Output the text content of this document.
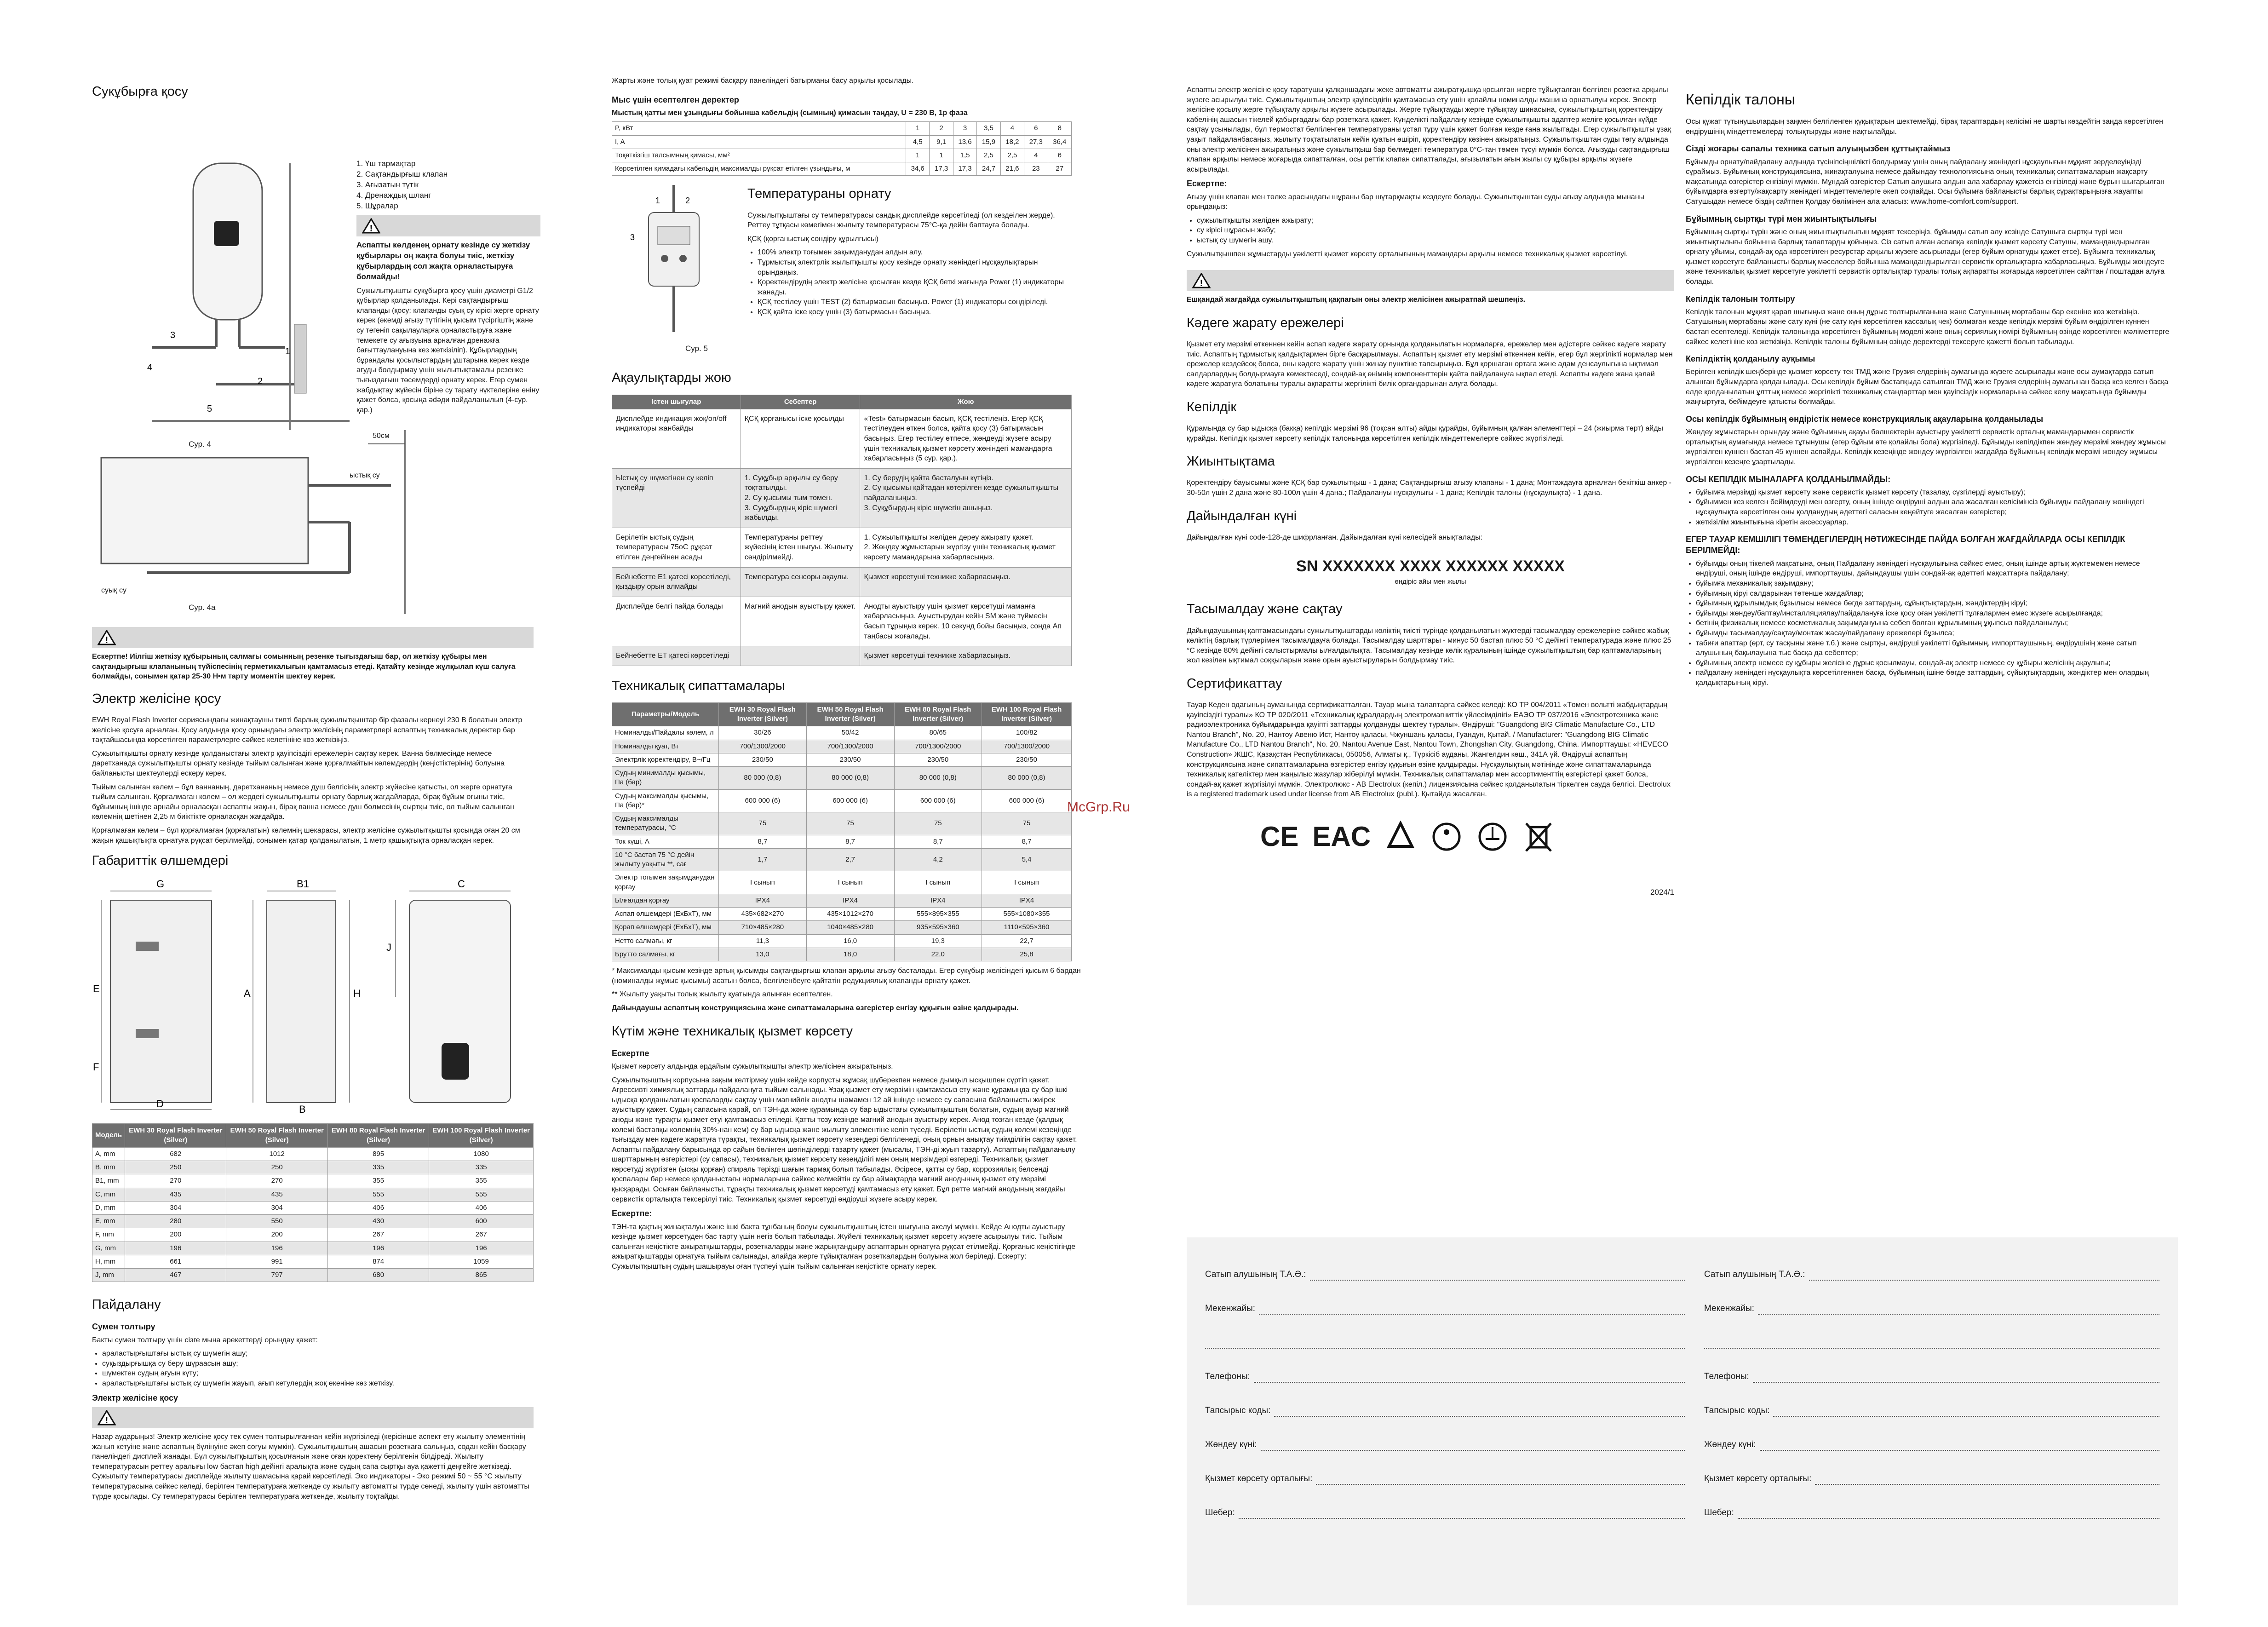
Сукұбырға қосу
1
3
4
5
2
Сур. 4
1. Үш тармақтар
2. Сақтандырғыш клапан
3. Ағызатын түтік
4. Дренаждық шланг
5. Шұралар
!

Аспапты көлденең орнату кезінде су жеткізу құбырлары оң жақта болуы тиіс, жеткізу құбырлардың сол жақта орналастыруға болмайды!

Сужылытқышты сукұбырға қосу үшін диаметрі G1/2 құбырлар қолданылады. Кері сақтандырғыш клапанды (қосу: клапанды суық су кірісі жерге орнату керек (әкемді ағызу түтігінің қысым түсіргіштің жане су тегеніп сақылауларға орналастыруға жане темекете су ағызуына арналған дренажға бағыттаулануына кез жеткізіліп). Құбырлардың бұрандалы қосылыстардың ұштарына керек кезде ағуды болдырмау үшін жылытықтамалы резенке тығыздағыш төсемдерді орнату керек. Егер сумен жабдықтау жүйесін біріне су тарату нүктелеріне еніну қажет болса, қосыңа ədəди пайдаланылып (4-сур. қар.)

50см
ыстық су
суық су
Сур. 4а
!

Ескертпе! Иілгіш жеткізу құбырының салмағы сомынның резенке тығыздағыш бар, ол жеткізу құбыры мен сақтандырғыш клапанының түйіспесінің герметикалығын қамтамасыз етеді. Қатайту кезінде жұлқылап күш салуға болмайды, сонымен қатар 25-30 Н•м тарту моментін шектеу керек.

Электр желісіне қосу

EWH Royal Flash Inverter сериясындағы жинақтаушы типті барлық сужылытқыштар бір фазалы кернеуі 230 В болатын электр желісіне қосуға арналған. Қосу алдында қосу орнындағы электр желісінің параметрлері аспаптың техникалық деректер бар тақтайшасында көрсетілген параметрлерге сәйкес келетініне көз жеткізіңіз.

Сужылытқышты орнату кезінде қолданыстағы электр қауіпсіздігі ережелерін сақтау керек. Ванна бөлмесінде немесе даретханада сужылытқышты орнату кезінде тыйым салынған және қорғалмайтын көлемдердің (кеңістіктерінің) болуына байланысты шектеулерді ескеру керек.

Тыйым салынған көлем – бұл ваннаның, даретхананың немесе душ белгісінің электр жүйесіне қатысты, ол жерге орнатуға тыйым салынған. Қорғалмаған көлем – ол жердегі сужылытқышты орнату барлық жағдайларда, бірақ бұйым оғыны тиіс, бұйымның ішінде арнайы орналасқан аспапты жақын, бірақ ванна немесе душ бөлмесінің сыртқы тиіс, ол тыйым салынған көлемнің шетінен 2,25 м биіктікте орналасқан жағдайда.

Қорғалмаған көлем – бұл қорғалмаған (қорғалатын) көлемнің шекарасы, электр желісіне сужылытқышты қосыңда оған 20 см жақын қашықтықта орнатуға рұқсат берілмейді, сонымен қатар қолданылатын, 1 метр қашықтықта орналасқан керек.

Габариттік өлшемдері
G	B1	C
J
E	A	H
F
B
D
Модель	EWH 30 Royal Flash Inverter (Silver)	EWH 50 Royal Flash Inverter (Silver)	EWH 80 Royal Flash Inverter (Silver)	EWH 100 Royal Flash Inverter (Silver)
A, mm	682	1012	895	1080
B, mm	250	250	335	335
B1, mm	270	270	355	355
C, mm	435	435	555	555
D, mm	304	304	406	406
E, mm	280	550	430	600
F, mm	200	200	267	267
G, mm	196	196	196	196
H, mm	661	991	874	1059
J, mm	467	797	680	865
Пайдалану
Сумен толтыру

Бакты сумен толтыру үшін сізге мына әрекеттерді орындау қажет:

• араластырғыштағы ыстық су шүмегін ашу;
• суқыздырғышқа су беру шұраасын ашу;
• шүмектен судың ағуын күту;
• араластырғыштағы ыстық су шүмегін жауып, ағып кетулердің жоқ екеніне көз жеткізу.
Электр желісіне қосу
!

Назар аударыңыз! Электр желісіне қосу тек сумен толтырылғаннан кейін жүргізіледі (керісінше аспект ету жылыту элементінің жанып кетуіне және аспаптың бүлінуіне әкеп соғуы мүмкін). Сужылытқыштың ашасын розеткаға салыңыз, содан кейін басқару панеліндегі дисплей жанады. Бұл сужылытқыштың қосылғанын және оған қоректену берілгенін білдіреді. Жылыту температурасын реттеу аралығы low бастап high дейінгі аралықта және судың сапа сыртқы ауа қажетті деңгейге жеткізеді. Сужылыту температурасы дисплейде жылыту шамасына қарай көрсетіледі. Эко индикаторы - Эко режимі 50 ~ 55 °С жылыту температурасына сәйкес келеді, берілген температураға жеткенде су жылыту автоматты түрде сөнеді, жылыту үшін автоматты түрде қосылады. Су температурасы берілген температураға жеткенде, жылыту тоқтайды.

Жарты және толық қуат режимі басқару панеліндегі батырманы басу арқылы қосылады.

Мыс үшін есептелген деректер

Мыстың қатты мен ұзындығы бойынша кабельдің (сымның) қимасын таңдау, U = 230 В, 1р фаза

P, кВт	1	2	3	3,5	4	6	8
I, A	4,5	9,1	13,6	15,9	18,2	27,3	36,4
Тоқөткізгіш талсымның қимасы, мм²	1	1	1,5	2,5	2,5	4	6
Көрсетілген қимадағы кабельдің максималды рұқсат етілген ұзындығы, м	34,6	17,3	17,3	24,7	21,6	23	27
1	2
3
Сур. 5
Температураны орнату

Сужылытқыштағы су температурасы сандық дисплейде көрсетіледі (ол кездеілен жерде). Реттеу тұтқасы көмегімен жылыту температурасы 75°С-қа дейін баптауға болады.

ҚСҚ (қорғаныстық сөндіру құрылғысы)

• 100% электр тоғымен зақымданудан алдын алу.
• Тұрмыстық электрлік жылытқышты қосу кезінде орнату жөніндегі нұсқаулықтарын орындаңыз.
• Қоректендірудің электр желісіне қосылған кезде ҚСҚ беткі жағында Power (1) индикаторы жанады.
• ҚСҚ тестілеу үшін TEST (2) батырмасын басыңыз. Power (1) индикаторы сөндіріледі.
• ҚСҚ қайта іске қосу үшін (3) батырмасын басыңыз.
Ақаулықтарды жою
Істен шығулар	Себептер	Жою
Дисплейде индикация жоқ/on/off индикаторы жанбайды	ҚСҚ қорғанысы іске қосылды	«Test» батырмасын басып, ҚСҚ тестілеңіз. Егер ҚСҚ тестілеуден өткен болса, қайта қосу (3) батырмасын басыңыз. Егер тестілеу өтпесе, жөндеуді жүзеге асыру үшін техникалық қызмет көрсету жөніндегі мамандарға хабарласыңыз (5 сур. қар.).
Ыстық су шүмегінен су келіп түспейді	1. Суқұбыр арқылы су беру тоқтатылды.
2. Су қысымы тым төмен.
3. Суқұбырдың кіріс шүмегі жабылды.	1. Су берудің қайта басталуын күтіңіз.
2. Су қысымы қайтадан көтерілген кезде сужылытқышты пайдаланыңыз.
3. Суқұбырдың кіріс шүмегін ашыңыз.
Берілетін ыстық судың температурасы 75оС рұқсат етілген деңгейінен асады	Температураны реттеу жүйесінің істен шығуы. Жылыту сөндірілмейді.	1. Сужылытқышты желіден дереу ажырату қажет.
2. Жөндеу жұмыстарын жүргізу үшін техникалық қызмет көрсету мамандарына хабарласыңыз.
Бейнебетте E1 қатесі көрсетіледі, қыздыру орын алмайды	Температура сенсоры ақаулы.	Қызмет көрсетуші техникке хабарласыңыз.
Дисплейде белгі пайда болады	Магний анодын ауыстыру қажет.	Анодты ауыстыру үшін қызмет көрсетуші маманға хабарласыңыз. Ауыстырудан кейін SM және түймесін басып тұрыңыз керек. 10 секунд бойы басыңыз, сонда Ап таңбасы жоғалады.
Бейнебетте ET қатесі көрсетіледі		Қызмет көрсетуші техникке хабарласыңыз.
Техникалық сипаттамалары
Параметры/Модель	EWH 30 Royal Flash Inverter (Silver)	EWH 50 Royal Flash Inverter (Silver)	EWH 80 Royal Flash Inverter (Silver)	EWH 100 Royal Flash Inverter (Silver)
Номиналды/Пайдалы көлем, л	30/26	50/42	80/65	100/82
Номиналды қуат, Вт	700/1300/2000	700/1300/2000	700/1300/2000	700/1300/2000
Электрлік қоректендіру, В~/Гц	230/50	230/50	230/50	230/50
Судың минималды қысымы, Па (бар)	80 000 (0,8)	80 000 (0,8)	80 000 (0,8)	80 000 (0,8)
Судың максималды қысымы, Па (бар)*	600 000 (6)	600 000 (6)	600 000 (6)	600 000 (6)
Судың максималды температурасы, °С	75	75	75	75
Ток күші, А	8,7	8,7	8,7	8,7
10 °С бастап 75 °С дейін жылыту уақыты **, сағ	1,7	2,7	4,2	5,4
Электр тогымен зақымданудан қорғау	I сынып	I сынып	I сынып	I сынып
Ылғалдан қорғау	IPX4	IPX4	IPX4	IPX4
Аспап өлшемдері (ЕхБхТ), мм	435×682×270	435×1012×270	555×895×355	555×1080×355
Қорап өлшемдері (ЕхБхТ), мм	710×485×280	1040×485×280	935×595×360	1110×595×360
Нетто салмағы, кг	11,3	16,0	19,3	22,7
Брутто салмағы, кг	13,0	18,0	22,0	25,8

* Максималды қысым кезінде артық қысымды сақтандырғыш клапан арқылы ағызу басталады. Егер сукұбыр желісіндегі қысым 6 бардан (номиналды жұмыс қысымы) асатын болса, белгіленбеуге қайтатін редукциялық клапанды орнату қажет.

** Жылыту уақыты толық жылыту қуатында алынған есептелген.

Дайындаушы аспаптың конструкциясына және сипаттамаларына өзгерістер енгізу құқығын өзіне қалдырады.

Күтім және техникалық қызмет көрсету
Ескертпе

Қызмет көрсету алдында әрдайым сужылытқышты электр желісінен ажыратыңыз.

Сужылытқыштың корпусына зақым келтірмеу үшін кейде корпусты жұмсақ шүберекпен немесе дымқыл ысқышпен сүртіп қажет. Агрессивті химиялық заттарды пайдалануға тыйым салынады. Ұзақ қызмет ету мерзімін қамтамасыз ету және құрамында су бар ішкі ыдысқа қолданылатын қоспаларды сақтау үшін магнийлік анодты шамамен 12 ай ішінде немесе су сапасына байланысты жиірек ауыстыру қажет. Судың сапасына қарай, ол ТЭН-да және құрамында су бар ыдыстағы сужылытқыштың болатын, судың ауыр магний аноды және тұрақты қызмет етуі қамтамасыз етіледі. Қатты тозу кезінде магний анодын ауыстыру керек. Анод тозған кезде (қалдық көлемі бастапқы көлемнің 30%-нан кем) су бар ыдысқа және жылыту элементіне келіп түседі. Берілетін ыстық судың көлемі кезеңінде тығыздау мен кәдеге жаратуға тұрақты, техникалық қызмет көрсету кезеңдері белгіленеді, оның орнын анықтау тиімділігін сақтау қажет. Аспапты пайдалану барысында әр сайын бөлінген шөгінділерді тазарту қажет (мысалы, ТЭН-ді жуып тазарту). Аспаптың пайдаланылу шарттарының өзгерістері (су сапасы), техникалық қызмет көрсету кезеңділігі мен оның мерзімдері өзгереді. Техникалық қызмет көрсетуді жүргізген (ысқы қорған) спираль тәрізді шағын тармақ болып табылады. Әсіресе, қатты су бар, коррозиялық белсенді қоспалары бар немесе қолданыстағы нормаларына сәйкес келмейтін су бар аймақтарда магний анодының қызмет ету мерзімі қысқарады. Осыған байланысты, тұрақты техникалық қызмет көрсетуді қамтамасыз ету қажет. Бұл ретте магний анодының жағдайы сервистік орталықта тексерілуі тиіс. Техникалық қызмет көрсетуді өндіруші жүзеге асыру керек.

Ескертпе:

ТЭН-та қақтың жинақталуы және ішкі бакта тұнбаның болуы сужылытқыштың істен шығуына әкелуі мүмкін. Кейде Анодты ауыстыру кезінде қызмет көрсетуден бас тарту үшін негіз болып табылады. Жүйелі техникалық қызмет көрсету жүзеге асырылуы тиіс. Тыйым салынған кеңістікте ажыратқыштарды, розеткаларды және жарықтандыру аспаптарын орнатуға рұқсат етілмейді. Қорғаныс кеңістігінде ажыратқыштарды орнатуға тыйым салынады, алайда жерге тұйықталған розеткалардың болуына жол беріледі. Ескерту: Сужылытқыштың судың шашырауы оған түспеуі үшін тыйым салынған кеңістікте орнату керек.

Аспапты электр желісіне қосу таратушы қалқаншадағы жеке автоматты ажыратқышқа қосылған жерге тұйықталған белгілен розетка арқылы жүзеге асырылуы тиіс. Сужылытқыштың электр қауіпсіздігін қамтамасыз ету үшін қолайлы номиналды машина орнатылуы керек. Электр желісіне қосылу жерге тұйықталу арқылы жүзеге асырылады. Жерге тұйықтауды жерге тұйықтау шинасына, сужылытқыштың қоректендіру кабелінің ашасын тікелей қабырғадағы бар розеткаға қажет. Күнделікті пайдалану кезінде сужылытқышты адаптер желіге қосылған күйде сақтау ұсынылады, бұл термостат белгіленген температураны ұстап тұру үшін қажет болған кезде ғана жылытады. Егер сужылытқышты ұзақ уақыт пайдаланбасаңыз, жылыту тоқтатылатын кейін қуатын өшіріп, қоректендіру көзінен ажыратыңыз. Сужылытқыштан суды төгу алдында оны электр желісінен ажыратыңыз және сужылытқыш бар бөлмедегі температура 0°С-тан төмен түсуі мүмкін болса. Ағызуды сақтандырғыш клапан арқылы немесе жоғарыда сипатталған, осы реттік клапан сипатталады, ағызылатын ағын жылы су құбыры арқылы жүзеге асырылады.

Ескертпе:

Ағызу үшін клапан мен төлке арасындағы шұраны бар шүтарқмақты кездеуге болады. Сужылытқыштан суды ағызу алдында мынаны орындаңыз:

• сужылытқышты желіден ажырату;
• су кірісі шұрасын жабу;
• ыстық су шүмегін ашу.

Сужылытқышпен жұмыстарды уәкілетті қызмет көрсету орталығының мамандары арқылы немесе техникалық қызмет көрсетілуі.

!

Ешқандай жағдайда сужылытқыштың қақпағын оны электр желісінен ажыратпай шешпеңіз.

Кәдеге жарату ережелері

Қызмет ету мерзімі өткеннен кейін аспап кәдеге жарату орнында қолданылатын нормаларға, ережелер мен әдістерге сәйкес кәдеге жарату тиіс. Аспаптың тұрмыстық қалдықтармен бірге басқарылмауы. Аспаптың қызмет ету мерзімі өткеннен кейін, егер бұл жергілікті нормалар мен ережелер кездейсоқ болса, оны кәдеге жарату үшін жинау пунктіне тапсырыңыз. Бұл қоршаған ортаға және адам денсаулығына ықтимал салдарлардың болдырмауға көмектеседі, сондай-ақ өнімнің компоненттерін қайта пайдалануға ықпал етеді. Аспапты кәдеге жана қалай кәдеге жаратуға болатыны туралы ақпаратты жергілікті билік органдарынан алуға болады.

Кепілдік

Құрамында су бар ыдысқа (бакқа) кепілдік мерзімі 96 (тоқсан алты) айды құрайды, бұйымның қалған элементтері – 24 (жиырма төрт) айды құрайды. Кепілдік қызмет көрсету кепілдік талонында көрсетілген кепілдік міндеттемелерге сәйкес жүргізіледі.

Жиынтықтама

Қоректендіру бауысымы және ҚСҚ бар сужылытқыш - 1 дана; Сақтандырғыш ағызу клапаны - 1 дана; Монтаждауға арналған бекіткіш анкер - 30-50л үшін 2 дана және 80-100л үшін 4 дана.; Пайдалануы нұсқаулығы - 1 дана; Кепілдік талоны (нұсқаулықта) - 1 дана.

Дайындалған күні

Дайындалған күні code-128-де шифрланған. Дайындалған күні келесідей анықталады:

SN XXXXXXX XXXX XXXXXX XXXXX
өндіріс айы мен жылы
Тасымалдау және сақтау

Дайындаушының қаптамасындағы сужылытқыштарды көліктің тиісті түрінде қолданылатын жүктерді тасымалдау ережелеріне сәйкес жабық көліктің барлық түрлерімен тасымалдауға болады. Тасымалдау шарттары - минус 50 бастап плюс 50 °С дейінгі температурада және плюс 25 °С кезінде 80% дейінгі салыстырмалы ылғалдылықта. Тасымалдау кезінде көлік құралының ішінде сужылытқыштың бар қаптамаларының жол кезілен ықтимал соққыларын және орын ауыстыруларын болдырмау тиіс.

Сертификаттау

Тауар Кеден одағының ауманында сертификатталған. Тауар мына талаптарға сәйкес келеді: КО ТР 004/2011 «Төмен вольтті жабдықтардың қауіпсіздігі туралы» КО ТР 020/2011 «Техникалық құралдардың электромагниттік үйлесімділігі» ЕАЭО ТР 037/2016 «Электротехника және радиоэлектроника бұйымдарында қауіпті заттарды қолдануды шектеу туралы». Өндіруші: "Guangdong BIG Climatic Manufacture Co., LTD Nantou Branch", No. 20, Нантоу Авеню Ист, Нантоу қаласы, Чжуншань қаласы, Гуандун, Қытай. / Manufacturer: "Guangdong BIG Climatic Manufacture Co., LTD Nantou Branch", No. 20, Nantou Avenue East, Nantou Town, Zhongshan City, Guangdong, China. Импорттаушы: «HEVECO Construction» ЖШС, Қазақстан Республикасы, 050056, Алматы қ., Түркісіб ауданы, Жангелдин көш., 341А үй. Өндіруші аспаптың конструкциясына және сипаттамаларына өзгерістер енгізу құқығын өзіне қалдырады. Нұсқаулықтың мәтінінде және сипаттамаларында техникалық қателіктер мен жаңылыс жазулар жіберілуі мүмкін. Техникалық сипаттамалар мен ассортименттің өзгерістері қажет болса, сондай-ақ қажет жүргізілуі мүмкін. Электролюкс - АВ Electrolux (кепіл.) лицензиясына сәйкес қолданылатын тіркелген сауда белгісі. Electrolux is a registered trademark used under license from AB Electrolux (publ.). Қытайда жасалған.

CE EAC
2024/1
Кепілдік талоны

Осы құжат тұтынушылардың заңмен белгіленген құқықтарын шектемейді, бірақ тараптардың келісімі не шарты көздейтін заңда көрсетілген өндірушінің міндеттемелерді толықтыруды және нақтылайды.

Сізді жоғары сапалы техника сатып алуыңызбен құттықтаймыз

Бұйымды орнату/пайдалану алдында түсініпсіңшілікті болдырмау үшін оның пайдалану жөніндегі нұсқаулығын мұқият зерделеуіңізді сұраймыз. Бұйымның конструкциясына, жинақталуына немесе дайындау технологиясына оның техникалық сипаттамаларын жақсарту мақсатында өзгерістер енгізілуі мүмкін. Мұндай өзгерістер Сатып алушыға алдын ала хабарлау қажетсіз енгізіледі және бұрын шығарылған бұйымдарға өзгерту/жақсарту жөніндегі міндеттемелерге әкеп соқпайды. Осы бұйымға байланысты барлық сұрақтарыңызға жауапты Сатушыдан немесе біздің сайтпен Қолдау бөлімінен ала аласыз: www.home-comfort.com/support.

Бұйымның сыртқы түрі мен жиынтықтылығы

Бұйымның сыртқы түрін және оның жиынтықтылығын мұқият тексеріңіз, бұйымды сатып алу кезінде Сатушыға сыртқы түрі мен жиынтықтылығы бойынша барлық талаптарды қойыңыз. Сіз сатып алған аспапқа кепілдік қызмет көрсету Сатушы, мамандандырылған орнату ұйымы, сондай-ақ ода көрсетілген ресурстар арқылы жүзеге асырылады (егер бұйым орнатуды қажет етсе). Бұйымға техникалық қызмет көрсетуге байланысты барлық мәселелер бойынша мамандандырылған сервистік орталықтарға хабарласыңыз. Бұйымды жөндеуге және техникалық қызмет көрсетуге уәкілетті сервистік орталықтар туралы толық ақпаратты жоғарыда көрсетілген сайттан / поштадан алуға болады.

Кепілдік талонын толтыру

Кепілдік талонын мұқият қарап шығыңыз және оның дұрыс толтырылғанына және Сатушының мөртабаны бар екеніне көз жеткізіңіз. Сатушының мөртабаны және сату күні (не сату күні көрсетілген кассалық чек) болмаған кезде кепілдік мерзімі бұйым өндірілген күннен бастап есептеледі. Кепілдік талонында көрсетілген бұйымның моделі және оның сериялық нөмірі бұйымның өзінде көрсетілген мәліметтерге сәйкес келетініне көз жеткізіңіз. Кепілдік талоны бұйымның өзінде деректерді тексеруге қажетті болып табылады.

Кепілдіктің қолданылу ауқымы

Берілген кепілдік шеңберінде қызмет көрсету тек ТМД және Грузия елдерінің аумағында жүзеге асырылады және осы аумақтарда сатып алынған бұйымдарға қолданылады. Осы кепілдік бұйым бастапқыда сатылған ТМД және Грузия елдерінің аумағынан басқа кез келген басқа елде қолданылатын ұлттық немесе жергілікті техникалық стандарттар мен қауіпсіздік нормаларына сәйкес келу мақсатында бұйымды жаңғыртуға, бейімдеуге қатысты болмайды.

Осы кепілдік бұйымның өндірістік немесе конструкциялық ақауларына қолданылады

Жөндеу жұмыстарын орындау және бұйымның ақауы бөлшектерін ауыстыру уәкілетті сервистік орталық мамандарымен сервистік орталықтың аумағында немесе тұтынушы (егер бұйым өте қолайлы бола) жүргізіледі. Бұйымды кепілдікпен жөндеу мерзімі жөндеу жұмысы жүргізілген күннен бастап 45 күннен аспайды. Кепілдік кезеңінде жөндеу жүргізілген жағдайда бұйымның кепілдік мерзімі жөндеу жұмысы жүргізілген кезеңге ұзартылады.

ОСЫ КЕПІЛДІК МЫНАЛАРҒА ҚОЛДАНЫЛМАЙДЫ:
• бұйымға мерзімді қызмет көрсету және сервистік қызмет көрсету (тазалау, сүзгілерді ауыстыру);
• бұйыммен кез келген бейімдеуді мен өзгерту, оның ішінде өндіруші алдын ала жасалған келісімінсіз бұйымды пайдалану жөніндегі нұсқаулықта көрсетілген оны қолданудың әдеттегі саласын кеңейтуге жасалған өзгерістер;
• жеткізілім жиынтығына кіретін аксессуарлар.
ЕГЕР ТАУАР КЕМШІЛІГІ ТӨМЕНДЕГІЛЕРДІҢ НӘТИЖЕСІНДЕ ПАЙДА БОЛҒАН ЖАҒДАЙЛАРДА ОСЫ КЕПІЛДІК БЕРІЛМЕЙДІ:
• бұйымды оның тікелей мақсатына, оның Пайдалану жөніндегі нұсқаулығына сәйкес емес, оның ішінде артық жүктемемен немесе өндіруші, оның ішінде өндіруші, импорттаушы, дайындаушы үшін сондай-ақ әдеттегі мақсаттарға пайдалану;
• бұйымға механикалық зақымдану;
• бұйымның кіруі салдарынан төтенше жағдайлар;
• бұйымның құрылымдық бұзылысы немесе бөгде заттардың, сұйықтықтардың, жәндіктердің кіруі;
• бұйымды жөндеу/баптау/инсталляциялау/пайдалануға іске қосу оған уәкілетті тұлғалармен емес жүзеге асырылғанда;
• бетінің физикалық немесе косметикалық зақымдануына себеп болған кұрылымның ұқыпсыз пайдаланылуы;
• бұйымды тасымалдау/сақтау/монтаж жасау/пайдалану ережелері бұзылса;
• табиғи апаттар (өрт, су тасқыны және т.б.) және сыртқы, өндіруші уәкілетті бұйымның, импорттаушының, өндірушінің және сатып алушының бақылауына тыс басқа да себептер;
• бұйымның электр немесе су құбыры желісіне дұрыс қосылмауы, сондай-ақ электр немесе су құбыры желісінің ақаулығы;
• пайдалану жөніндегі нұсқаулықта көрсетілгеннен басқа, бұйымның ішіне бөгде заттардың, сұйықтықтардың, жәндіктер мен олардың қалдықтарының кіруі.
Сатып алушының Т.А.Ә.:
Мекенжайы:
Телефоны:
Тапсырыс коды:
Жөндеу күні:
Қызмет көрсету орталығы:
Шебер:
Сатып алушының Т.А.Ә.:
Мекенжайы:
Телефоны:
Тапсырыс коды:
Жөндеу күні:
Қызмет көрсету орталығы:
Шебер:
McGrp.Ru
